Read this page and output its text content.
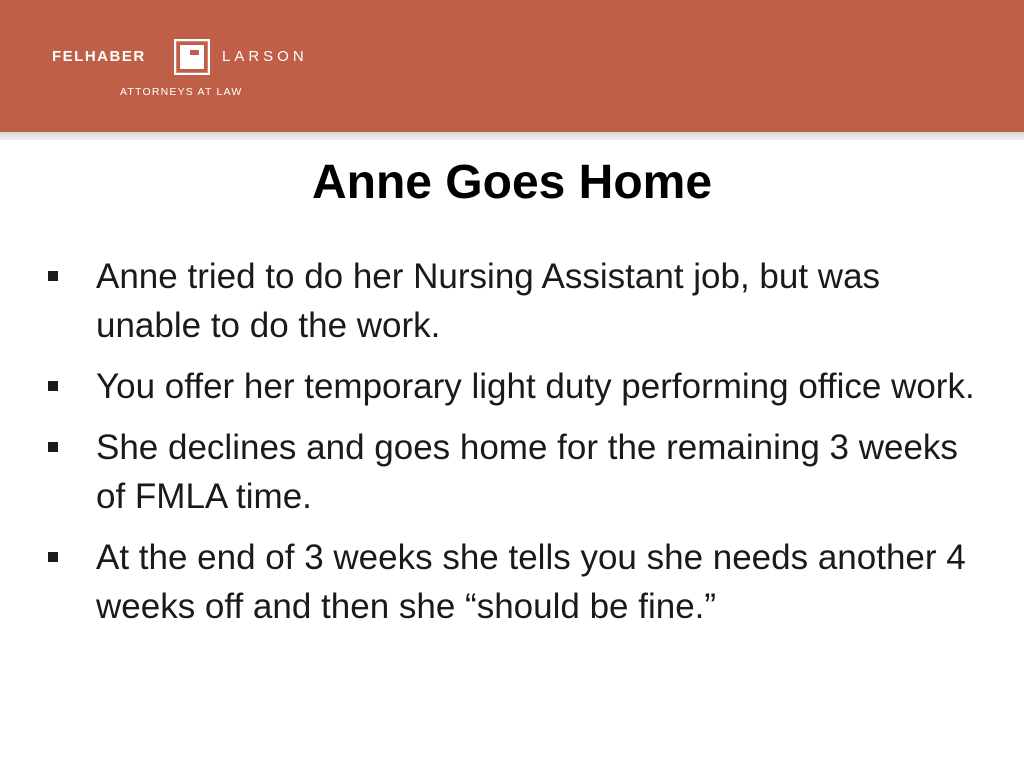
FELHABER	LARSON
ATTORNEYS AT LAW
Anne Goes Home
Anne tried to do her Nursing Assistant job, but was unable to do the work.
You offer her temporary light duty performing office work.
She declines and goes home for the remaining 3 weeks of FMLA time.
At the end of 3 weeks she tells you she needs another 4 weeks off and then she “should be fine.”
